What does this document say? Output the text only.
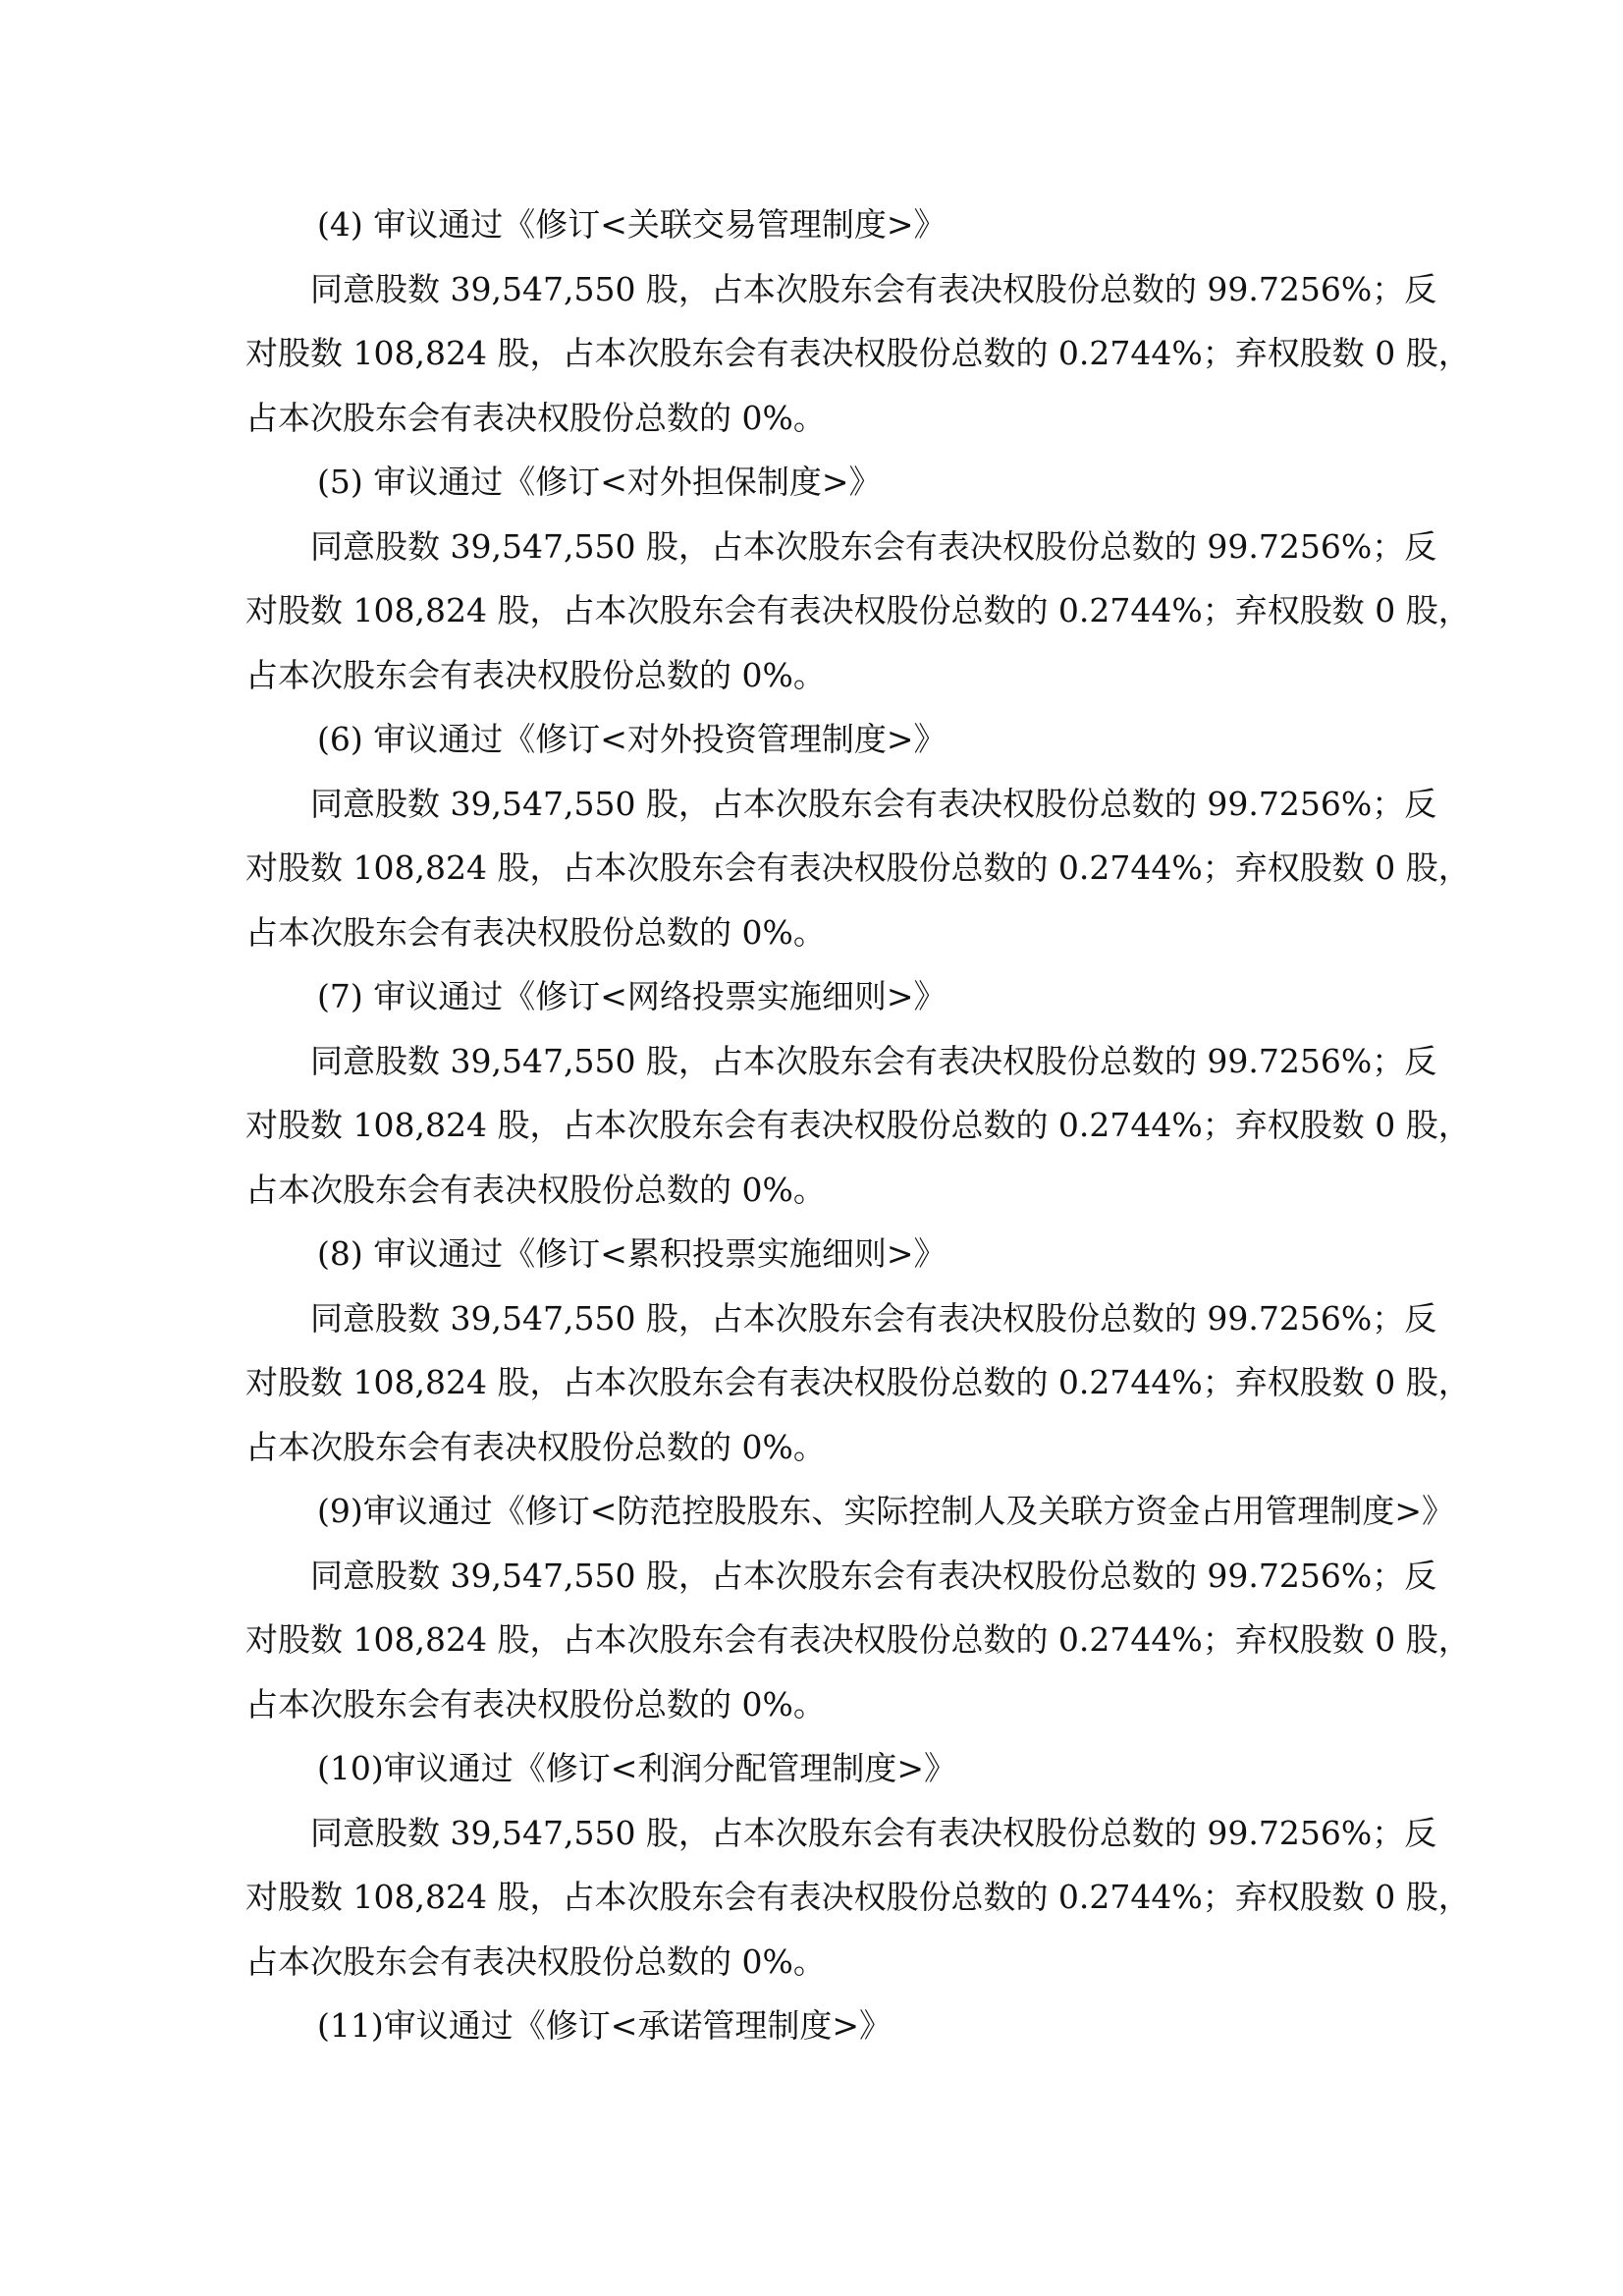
(4) 审议通过《修订<关联交易管理制度>》
同意股数 39,547,550 股，占本次股东会有表决权股份总数的 99.7256%；反
对股数 108,824 股，占本次股东会有表决权股份总数的 0.2744%；弃权股数 0 股，
占本次股东会有表决权股份总数的 0%。
(5) 审议通过《修订<对外担保制度>》
同意股数 39,547,550 股，占本次股东会有表决权股份总数的 99.7256%；反
对股数 108,824 股，占本次股东会有表决权股份总数的 0.2744%；弃权股数 0 股，
占本次股东会有表决权股份总数的 0%。
(6) 审议通过《修订<对外投资管理制度>》
同意股数 39,547,550 股，占本次股东会有表决权股份总数的 99.7256%；反
对股数 108,824 股，占本次股东会有表决权股份总数的 0.2744%；弃权股数 0 股，
占本次股东会有表决权股份总数的 0%。
(7) 审议通过《修订<网络投票实施细则>》
同意股数 39,547,550 股，占本次股东会有表决权股份总数的 99.7256%；反
对股数 108,824 股，占本次股东会有表决权股份总数的 0.2744%；弃权股数 0 股，
占本次股东会有表决权股份总数的 0%。
(8) 审议通过《修订<累积投票实施细则>》
同意股数 39,547,550 股，占本次股东会有表决权股份总数的 99.7256%；反
对股数 108,824 股，占本次股东会有表决权股份总数的 0.2744%；弃权股数 0 股，
占本次股东会有表决权股份总数的 0%。
(9)审议通过《修订<防范控股股东、实际控制人及关联方资金占用管理制度>》
同意股数 39,547,550 股，占本次股东会有表决权股份总数的 99.7256%；反
对股数 108,824 股，占本次股东会有表决权股份总数的 0.2744%；弃权股数 0 股，
占本次股东会有表决权股份总数的 0%。
(10)审议通过《修订<利润分配管理制度>》
同意股数 39,547,550 股，占本次股东会有表决权股份总数的 99.7256%；反
对股数 108,824 股，占本次股东会有表决权股份总数的 0.2744%；弃权股数 0 股，
占本次股东会有表决权股份总数的 0%。
(11)审议通过《修订<承诺管理制度>》
